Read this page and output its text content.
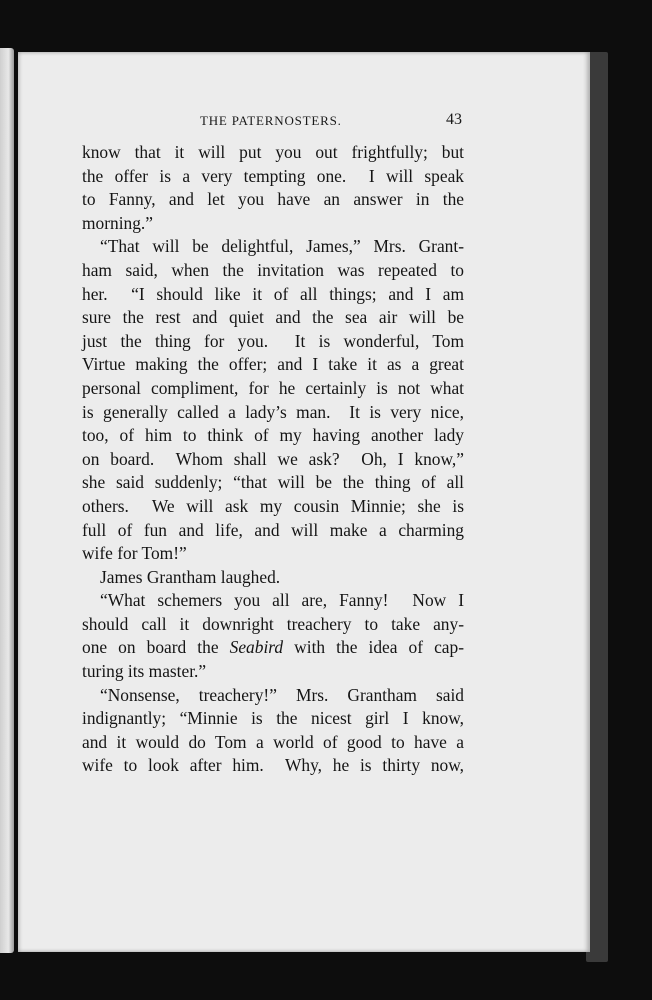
THE PATERNOSTERS.	43
know that it will put you out frightfully; but
the offer is a very tempting one.  I will speak
to Fanny, and let you have an answer in the
morning.”
“That will be delightful, James,” Mrs. Grant-
ham said, when the invitation was repeated to
her.  “I should like it of all things; and I am
sure the rest and quiet and the sea air will be
just the thing for you.  It is wonderful, Tom
Virtue making the offer; and I take it as a great
personal compliment, for he certainly is not what
is generally called a lady’s man.  It is very nice,
too, of him to think of my having another lady
on board.  Whom shall we ask?  Oh, I know,”
she said suddenly; “that will be the thing of all
others.  We will ask my cousin Minnie; she is
full of fun and life, and will make a charming
wife for Tom!”
James Grantham laughed.
“What schemers you all are, Fanny!  Now I
should call it downright treachery to take any-
one on board the Seabird with the idea of cap-
turing its master.”
“Nonsense, treachery!” Mrs. Grantham said
indignantly; “Minnie is the nicest girl I know,
and it would do Tom a world of good to have a
wife to look after him.  Why, he is thirty now,
